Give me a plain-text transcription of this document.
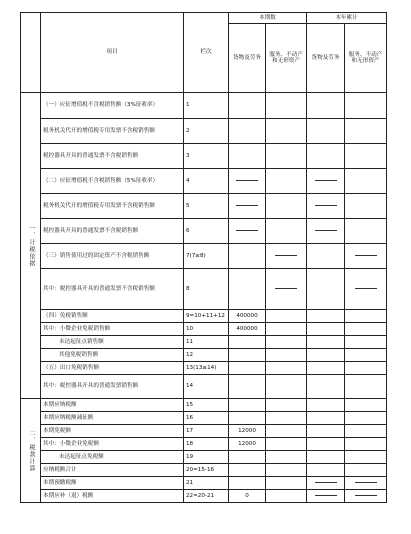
	项目	栏次	本期数		本年累计	
			货物及劳务	服务、不动产和无形资产	货物及劳务	服务、不动产和无形资产
一、计税依据	（一）应征增值税不含税销售额（3%征收率）	1				
	税务机关代开的增值税专用发票不含税销售额	2				
	税控器具开具的普通发票不含税销售额	3				
	（二）应征增值税不含税销售额（5%征收率）	4				
	税务机关代开的增值税专用发票不含税销售额	5				
	税控器具开具的普通发票不含税销售额	6				
	（三）销售使用过的固定资产不含税销售额	7(7≥8)				
	其中：税控器具开具的普通发票不含税销售额	8				
	（四）免税销售额	9=10+11+12	400000			
	其中：小微企业免税销售额	10	400000			
	未达起征点销售额	11				
	其他免税销售额	12				
	（五）出口免税销售额	13(13≥14)				
	其中：税控器具开具的普通发票销售额	14				
二、税款计算	本期应纳税额	15				
	本期应纳税额减征额	16				
	本期免税额	17	12000			
	其中：小微企业免税额	18	12000			
	未达起征点免税额	19				
	应纳税额合计	20=15-16				
	本期预缴税额	21				
	本期应补（退）税额	22=20-21	0			
